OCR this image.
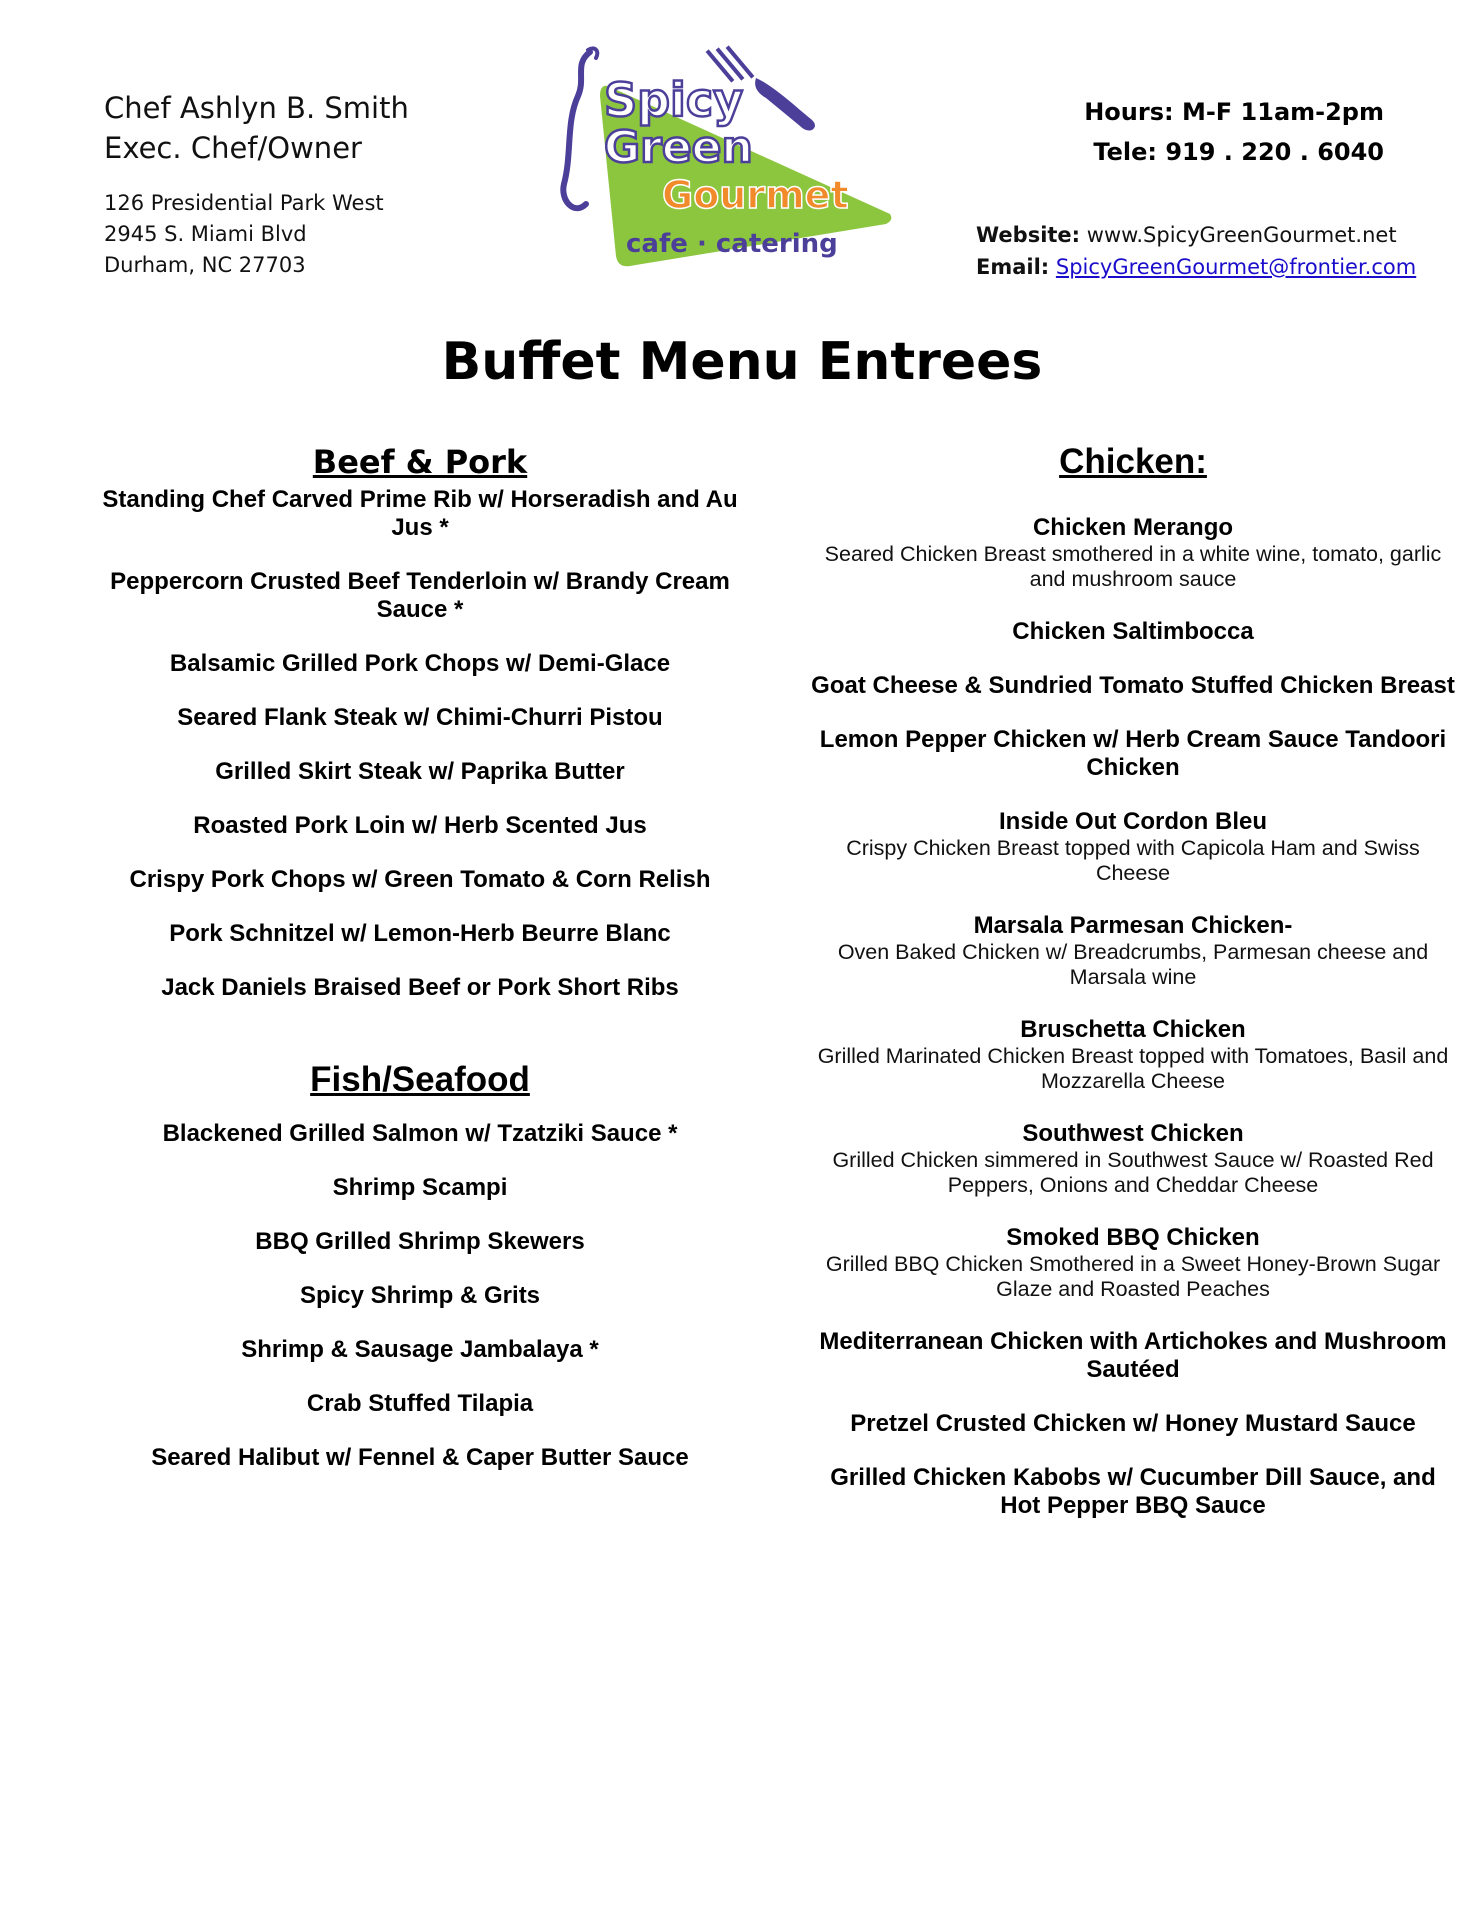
Chef Ashlyn B. Smith
Exec. Chef/Owner
126 Presidential Park West
2945 S. Miami Blvd
Durham, NC 27703
Spicy
Green
Gourmet
cafe · catering
Hours: M-F 11am-2pm
Tele: 919 . 220 . 6040
Website: www.SpicyGreenGourmet.net
Email: SpicyGreenGourmet@frontier.com
Buffet Menu Entrees
Beef & Pork

Standing Chef Carved Prime Rib w/ Horseradish and Au Jus *

Peppercorn Crusted Beef Tenderloin w/ Brandy Cream Sauce *

Balsamic Grilled Pork Chops w/ Demi-Glace

Seared Flank Steak w/ Chimi-Churri Pistou

Grilled Skirt Steak w/ Paprika Butter

Roasted Pork Loin w/ Herb Scented Jus

Crispy Pork Chops w/ Green Tomato & Corn Relish

Pork Schnitzel w/ Lemon-Herb Beurre Blanc

Jack Daniels Braised Beef or Pork Short Ribs

Fish/Seafood

Blackened Grilled Salmon w/ Tzatziki Sauce *

Shrimp Scampi

BBQ Grilled Shrimp Skewers

Spicy Shrimp & Grits

Shrimp & Sausage Jambalaya *

Crab Stuffed Tilapia

Seared Halibut w/ Fennel & Caper Butter Sauce

Chicken:

Chicken Merango

Seared Chicken Breast smothered in a white wine, tomato, garlic and mushroom sauce

Chicken Saltimbocca

Goat Cheese & Sundried Tomato Stuffed Chicken Breast

Lemon Pepper Chicken w/ Herb Cream Sauce Tandoori Chicken

Inside Out Cordon Bleu

Crispy Chicken Breast topped with Capicola Ham and Swiss Cheese

Marsala Parmesan Chicken-

Oven Baked Chicken w/ Breadcrumbs, Parmesan cheese and Marsala wine

Bruschetta Chicken

Grilled Marinated Chicken Breast topped with Tomatoes, Basil and Mozzarella Cheese

Southwest Chicken

Grilled Chicken simmered in Southwest Sauce w/ Roasted Red Peppers, Onions and Cheddar Cheese

Smoked BBQ Chicken

Grilled BBQ Chicken Smothered in a Sweet Honey-Brown Sugar Glaze and Roasted Peaches

Mediterranean Chicken with Artichokes and Mushroom Sautéed

Pretzel Crusted Chicken w/ Honey Mustard Sauce

Grilled Chicken Kabobs w/ Cucumber Dill Sauce, and Hot Pepper BBQ Sauce
